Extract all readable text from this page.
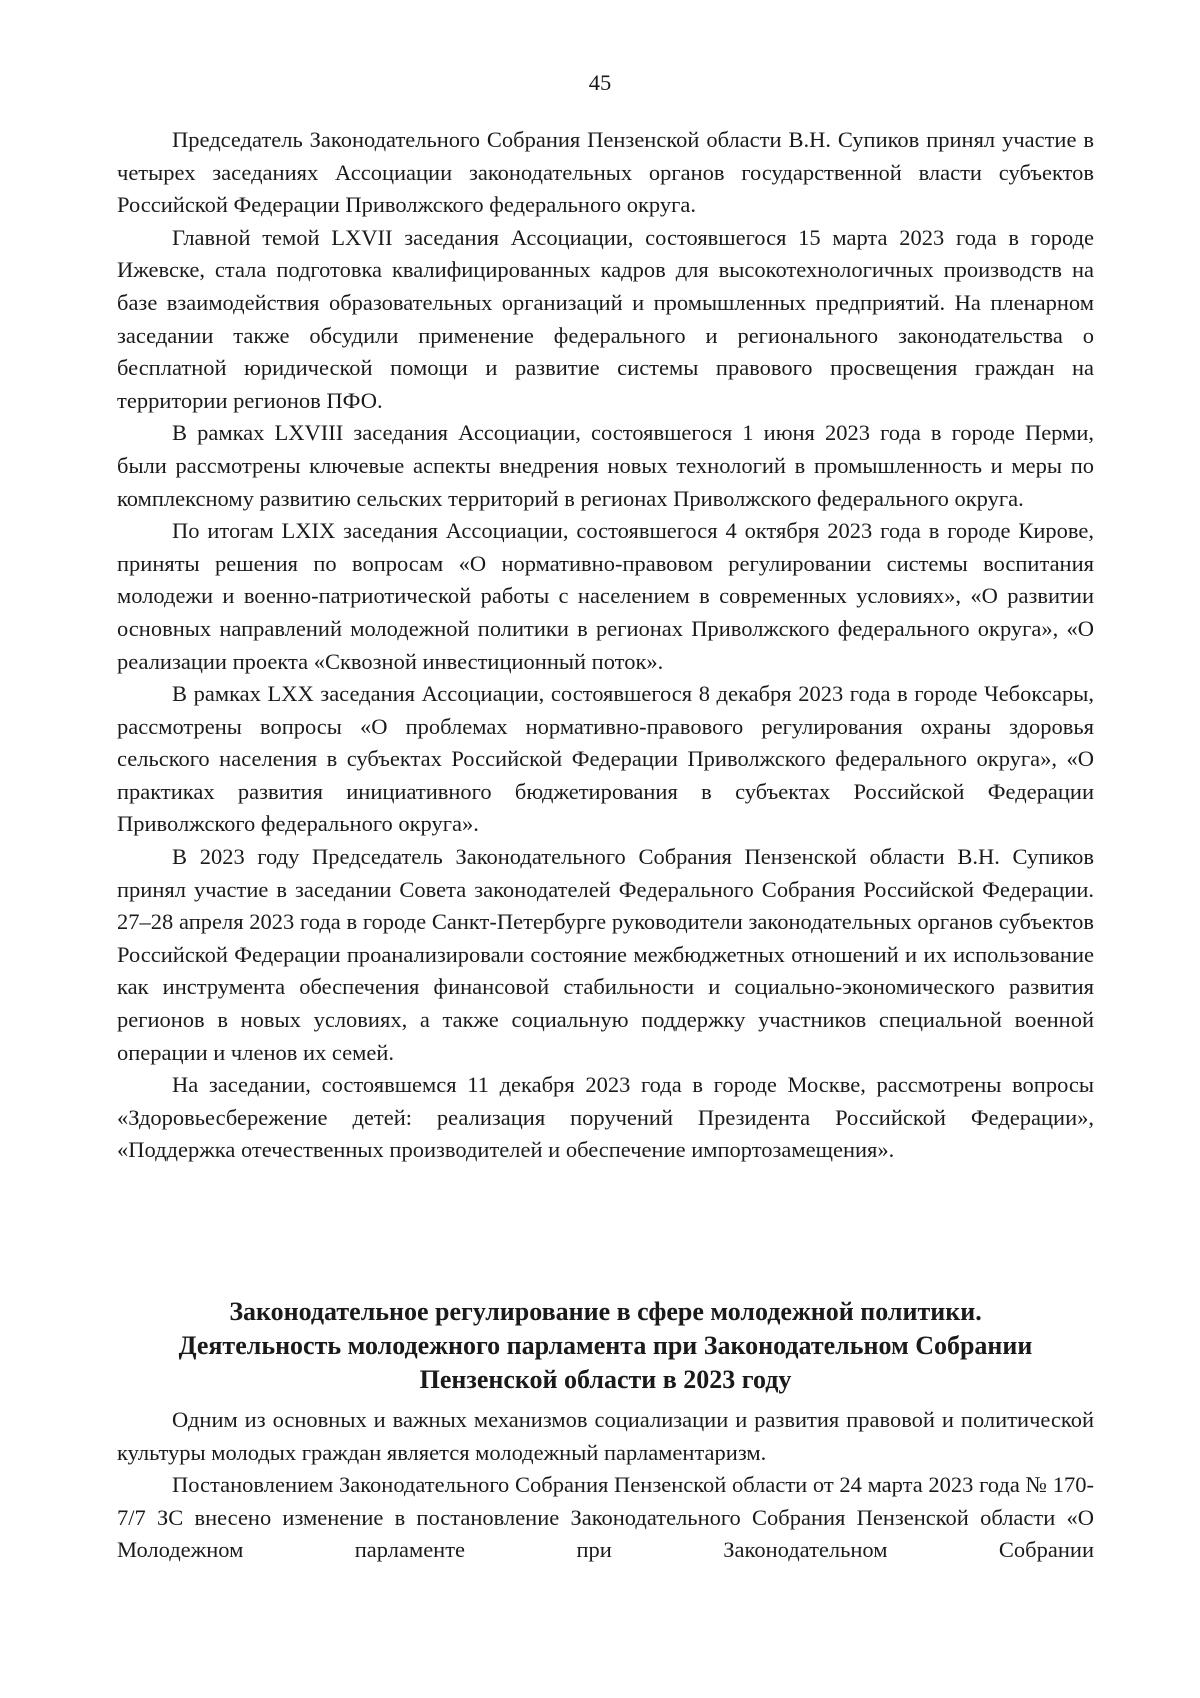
45

Председатель Законодательного Собрания Пензенской области В.Н. Супиков принял участие в четырех заседаниях Ассоциации законодательных органов государственной власти субъектов Российской Федерации Приволжского федерального округа.

Главной темой LXVII заседания Ассоциации, состоявшегося 15 марта 2023 года в городе Ижевске, стала подготовка квалифицированных кадров для высокотехнологичных производств на базе взаимодействия образовательных организаций и промышленных предприятий. На пленарном заседании также обсудили применение федерального и регионального законодательства о бесплатной юридической помощи и развитие системы правового просвещения граждан на территории регионов ПФО.

В рамках LXVIII заседания Ассоциации, состоявшегося 1 июня 2023 года в городе Перми, были рассмотрены ключевые аспекты внедрения новых технологий в промышленность и меры по комплексному развитию сельских территорий в регионах Приволжского федерального округа.

По итогам LXIX заседания Ассоциации, состоявшегося 4 октября 2023 года в городе Кирове, приняты решения по вопросам «О нормативно-правовом регулировании системы воспитания молодежи и военно-патриотической работы с населением в современных условиях», «О развитии основных направлений молодежной политики в регионах Приволжского федерального округа», «О реализации проекта «Сквозной инвестиционный поток».

В рамках LXX заседания Ассоциации, состоявшегося 8 декабря 2023 года в городе Чебоксары, рассмотрены вопросы «О проблемах нормативно-правового регулирования охраны здоровья сельского населения в субъектах Российской Федерации Приволжского федерального округа», «О практиках развития инициативного бюджетирования в субъектах Российской Федерации Приволжского федерального округа».

В 2023 году Председатель Законодательного Собрания Пензенской области В.Н. Супиков принял участие в заседании Совета законодателей Федерального Собрания Российской Федерации. 27–28 апреля 2023 года в городе Санкт-Петербурге руководители законодательных органов субъектов Российской Федерации проанализировали состояние межбюджетных отношений и их использование как инструмента обеспечения финансовой стабильности и социально-экономического развития регионов в новых условиях, а также социальную поддержку участников специальной военной операции и членов их семей.

На заседании, состоявшемся 11 декабря 2023 года в городе Москве, рассмотрены вопросы «Здоровьесбережение детей: реализация поручений Президента Российской Федерации», «Поддержка отечественных производителей и обеспечение импортозамещения».

Законодательное регулирование в сфере молодежной политики.
Деятельность молодежного парламента при Законодательном Собрании
Пензенской области в 2023 году

Одним из основных и важных механизмов социализации и развития правовой и политической культуры молодых граждан является молодежный парламентаризм.

Постановлением Законодательного Собрания Пензенской области от 24 марта 2023 года № 170-7/7 ЗС внесено изменение в постановление Законодательного Собрания Пензенской области «О Молодежном парламенте при Законодательном Собрании
